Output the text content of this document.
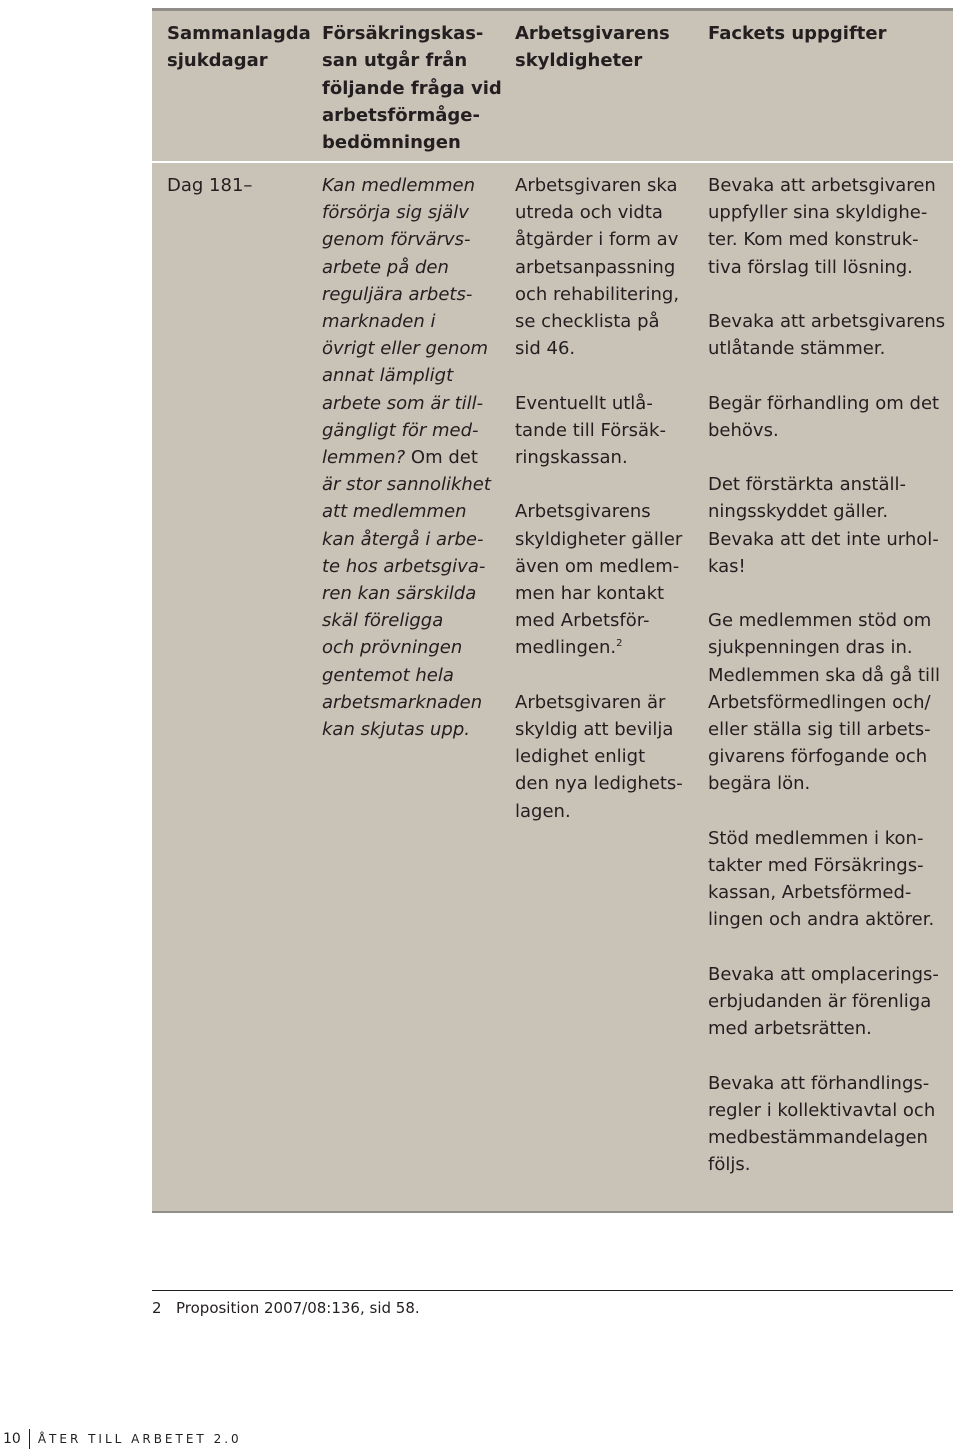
Sammanlagda
sjukdagar
Försäkringskas-
san utgår från
följande fråga vid
arbetsförmåge-
bedömningen
Arbetsgivarens
skyldigheter
Fackets uppgifter
Dag 181–	Kan medlemmen
försörja sig själv
genom förvärvs-
arbete på den
reguljära arbets-
marknaden i
övrigt eller genom
annat lämpligt
arbete som är till-
gängligt för med-
lemmen? Om det
är stor sannolikhet
att medlemmen
kan återgå i arbe-
te hos arbetsgiva-
ren kan särskilda
skäl föreligga
och prövningen
gentemot hela
arbetsmarknaden
kan skjutas upp.

Arbetsgivaren ska
utreda och vidta
åtgärder i form av
arbetsanpassning
och rehabilitering,
se checklista på
sid 46.

Eventuellt utlå-
tande till Försäk-
ringskassan.

Arbetsgivarens
skyldigheter gäller
även om medlem-
men har kontakt
med Arbetsför-
medlingen.$^2$

Arbetsgivaren är
skyldig att bevilja
ledighet enligt
den nya ledighets-
lagen.

Bevaka att arbetsgivaren
uppfyller sina skyldighe-
ter. Kom med konstruk-
tiva förslag till lösning.

Bevaka att arbetsgivarens
utlåtande stämmer.

Begär förhandling om det
behövs.

Det förstärkta anställ-
ningsskyddet gäller.

Bevaka att det inte urhol-
kas!

Ge medlemmen stöd om
sjukpenningen dras in.

Medlemmen ska då gå till
Arbetsförmedlingen och/
eller ställa sig till arbets-
givarens förfogande och
begära lön.

Stöd medlemmen i kon-
takter med Försäkrings-
kassan, Arbetsförmed-
lingen och andra aktörer.

Bevaka att omplacerings-
erbjudanden är förenliga
med arbetsrätten.

Bevaka att förhandlings-
regler i kollektivavtal och
medbestämmandelagen
följs.

2 Proposition 2007/08:136, sid 58.
10 ÅTER TILL ARBETET 2.0
